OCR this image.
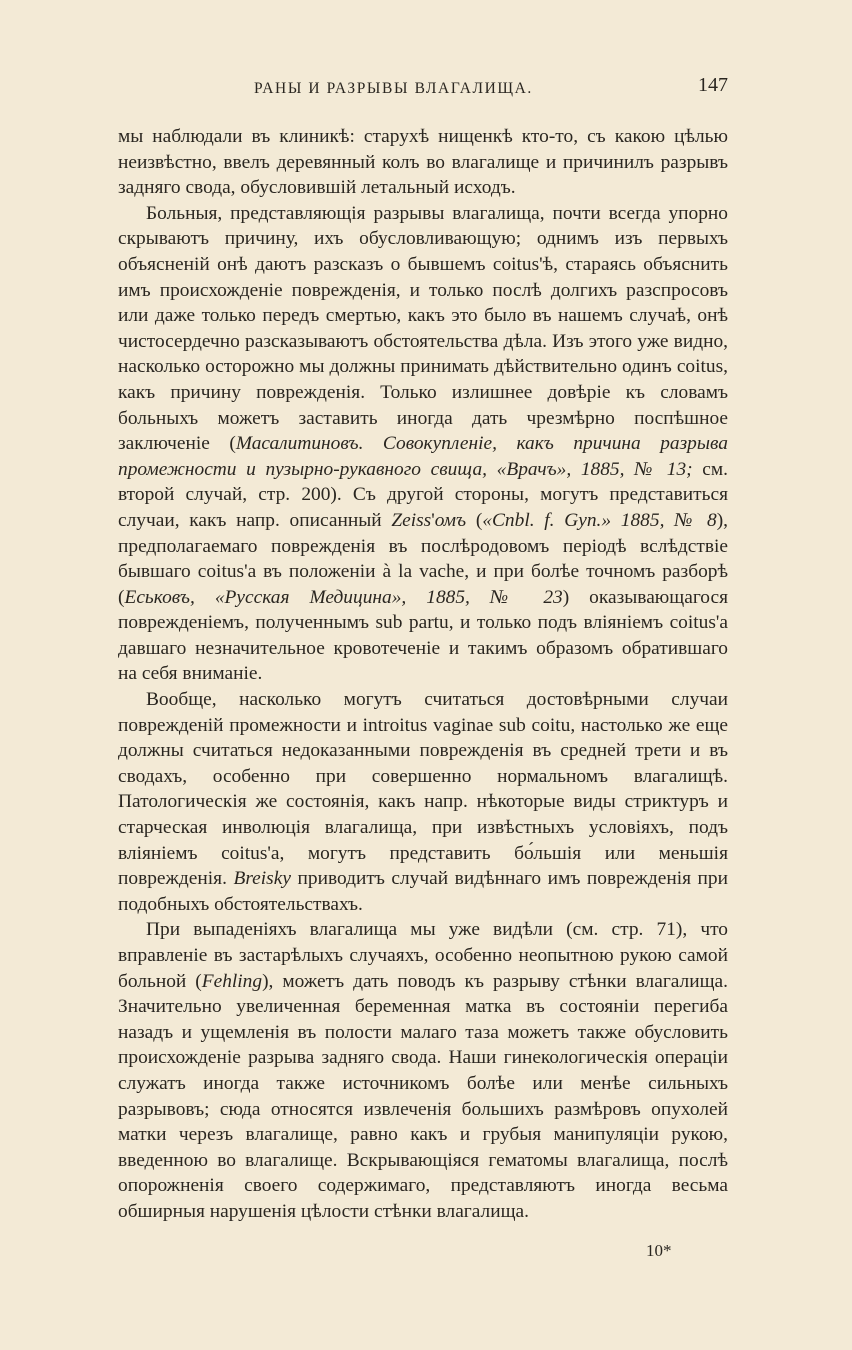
РАНЫ И РАЗРЫВЫ ВЛАГАЛИЩА.	147

мы наблюдали въ клиникѣ: старухѣ нищенкѣ кто-то, съ какою цѣлью неизвѣстно, ввелъ деревянный колъ во влагалище и причинилъ разрывъ задняго свода, обусловившій летальный исходъ.

Больныя, представляющія разрывы влагалища, почти всегда упорно скрываютъ причину, ихъ обусловливающую; однимъ изъ первыхъ объясненій онѣ даютъ разсказъ о бывшемъ coitus'ѣ, стараясь объяснить имъ происхожденіе поврежденія, и только послѣ долгихъ разспросовъ или даже только передъ смертью, какъ это было въ нашемъ случаѣ, онѣ чистосердечно разсказываютъ обстоятельства дѣла. Изъ этого уже видно, насколько осторожно мы должны принимать дѣйствительно одинъ coitus, какъ причину поврежденія. Только излишнее довѣріе къ словамъ больныхъ можетъ заставить иногда дать чрезмѣрно поспѣшное заключеніе (Масалитиновъ. Совокупленіе, какъ причина разрыва промежности и пузырно-рукавного свища, «Врачъ», 1885, № 13; см. второй случай, стр. 200). Съ другой стороны, могутъ представиться случаи, какъ напр. описанный Zeiss'омъ («Cnbl. f. Gyn.» 1885, № 8), предполагаемаго поврежденія въ послѣродовомъ періодѣ вслѣдствіе бывшаго coitus'а въ положеніи à la vache, и при болѣе точномъ разборѣ (Еськовъ, «Русская Медицина», 1885, № 23) оказывающагося поврежденіемъ, полученнымъ sub partu, и только подъ вліяніемъ coitus'а давшаго незначительное кровотеченіе и такимъ образомъ обратившаго на себя вниманіе.

Вообще, насколько могутъ считаться достовѣрными случаи поврежденій промежности и introitus vaginae sub coitu, настолько же еще должны считаться недоказанными поврежденія въ средней трети и въ сводахъ, особенно при совершенно нормальномъ влагалищѣ. Патологическія же состоянія, какъ напр. нѣкоторые виды стриктуръ и старческая инволюція влагалища, при извѣстныхъ условіяхъ, подъ вліяніемъ coitus'а, могутъ представить бо́льшія или меньшія поврежденія. Breisky приводитъ случай видѣннаго имъ поврежденія при подобныхъ обстоятельствахъ.

При выпаденіяхъ влагалища мы уже видѣли (см. стр. 71), что вправленіе въ застарѣлыхъ случаяхъ, особенно неопытною рукою самой больной (Fehling), можетъ дать поводъ къ разрыву стѣнки влагалища. Значительно увеличенная беременная матка въ состояніи перегиба назадъ и ущемленія въ полости малаго таза можетъ также обусловить происхожденіе разрыва задняго свода. Наши гинекологическія операціи служатъ иногда также источникомъ болѣе или менѣе сильныхъ разрывовъ; сюда относятся извлеченія большихъ размѣровъ опухолей матки черезъ влагалище, равно какъ и грубыя манипуляціи рукою, введенною во влагалище. Вскрывающіяся гематомы влагалища, послѣ опорожненія своего содержимаго, представляютъ иногда весьма обширныя нарушенія цѣлости стѣнки влагалища.

10*
